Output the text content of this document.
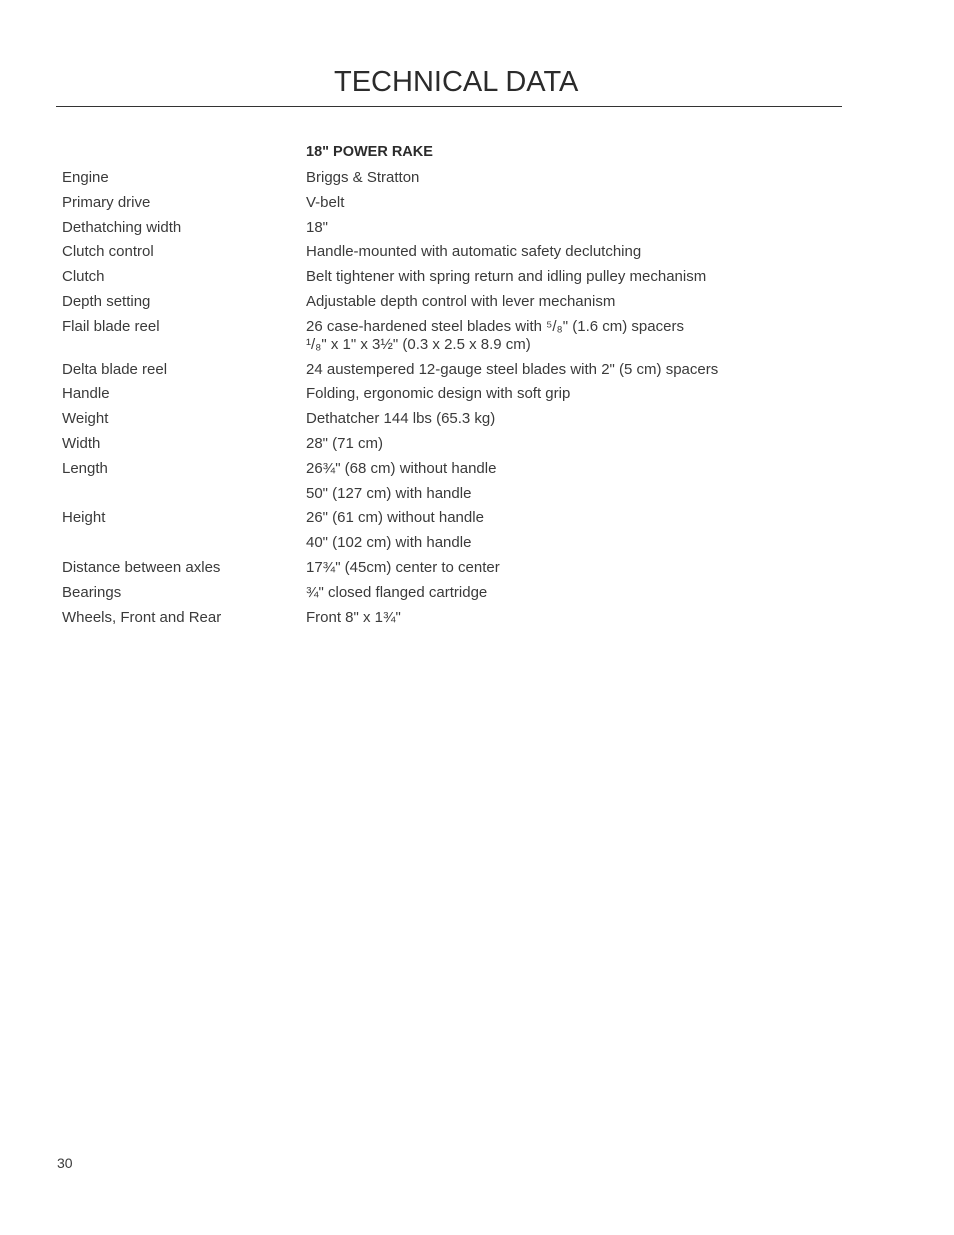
TECHNICAL DATA
18" POWER RAKE
Engine	Briggs & Stratton

Primary drive	V-belt

Dethatching width	18"

Clutch control	Handle-mounted with automatic safety declutching

Clutch	Belt tightener with spring return and idling pulley mechanism

Depth setting	Adjustable depth control with lever mechanism

Flail blade reel	26 case-hardened steel blades with ⁵/₈" (1.6 cm) spacers
¹/₈" x 1" x 3½" (0.3 x 2.5 x 8.9 cm)

Delta blade reel	24 austempered 12-gauge steel blades with 2" (5 cm) spacers

Handle	Folding, ergonomic design with soft grip

Weight	Dethatcher 144 lbs (65.3 kg)

Width	28" (71 cm)

Length	26¾" (68 cm) without handle

	50" (127 cm) with handle

Height	26" (61 cm) without handle

	40" (102 cm) with handle

Distance between axles	17¾" (45cm) center to center

Bearings	¾" closed flanged cartridge

Wheels, Front and Rear	Front 8" x 1¾"
30
